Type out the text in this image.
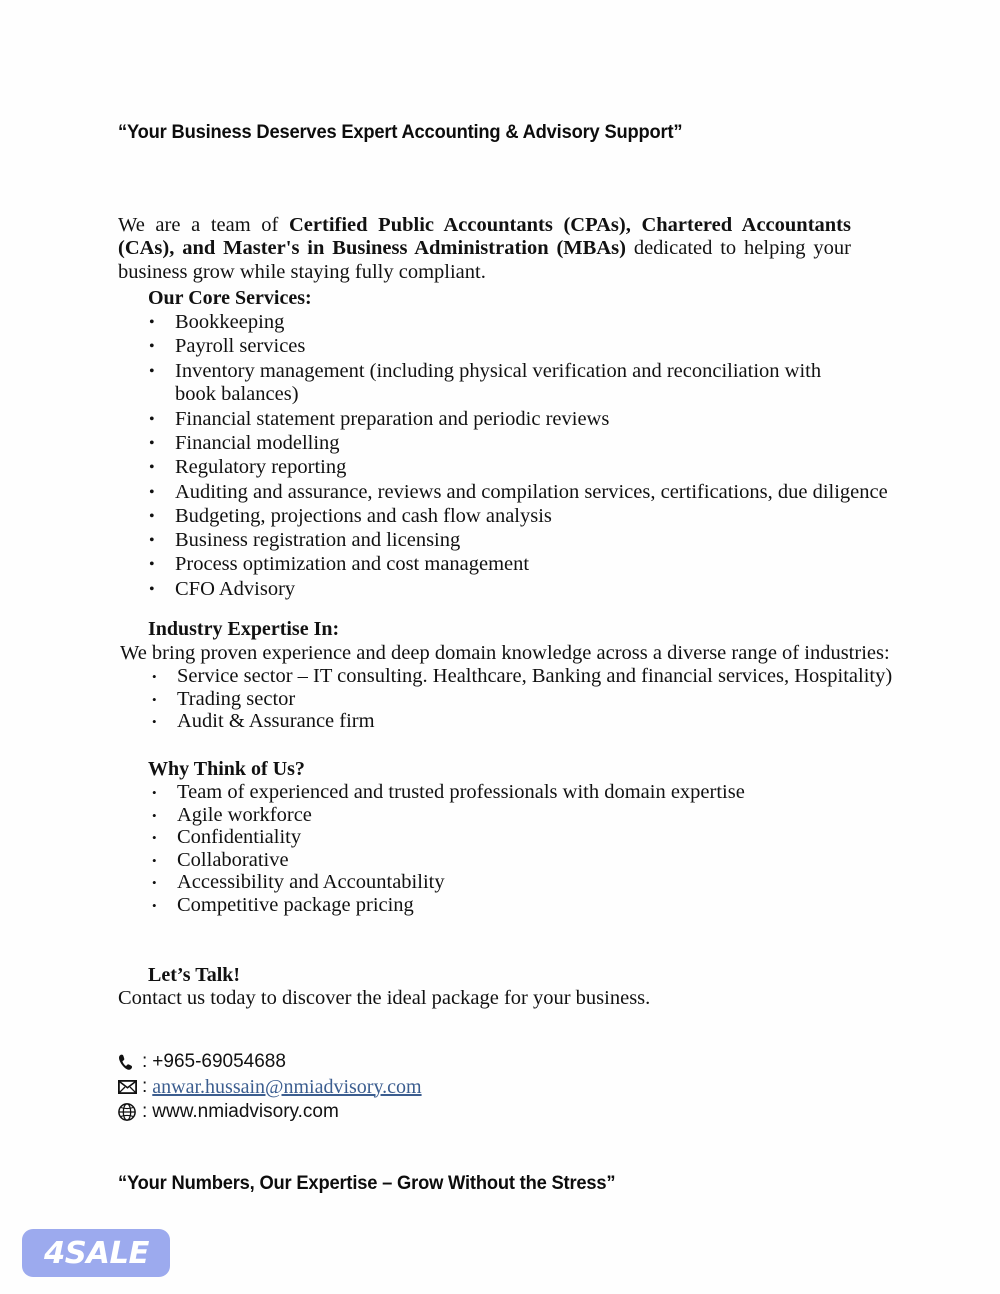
“Your Business Deserves Expert Accounting & Advisory Support”

We are a team of Certified Public Accountants (CPAs), Chartered Accountants (CAs), and Master's in Business Administration (MBAs) dedicated to helping your business grow while staying fully compliant.

Our Core Services:
• Bookkeeping
• Payroll services
• Inventory management (including physical verification and reconciliation with book balances)
• Financial statement preparation and periodic reviews
• Financial modelling
• Regulatory reporting
• Auditing and assurance, reviews and compilation services, certifications, due diligence
• Budgeting, projections and cash flow analysis
• Business registration and licensing
• Process optimization and cost management
• CFO Advisory
Industry Expertise In:
We bring proven experience and deep domain knowledge across a diverse range of industries:
• Service sector – IT consulting. Healthcare, Banking and financial services, Hospitality)
• Trading sector
• Audit & Assurance firm
Why Think of Us?
• Team of experienced and trusted professionals with domain expertise
• Agile workforce
• Confidentiality
• Collaborative
• Accessibility and Accountability
• Competitive package pricing
Let’s Talk!
Contact us today to discover the ideal package for your business.
: +965-69054688
: anwar.hussain@nmiadvisory.com
: www.nmiadvisory.com
“Your Numbers, Our Expertise – Grow Without the Stress”
4SALE
